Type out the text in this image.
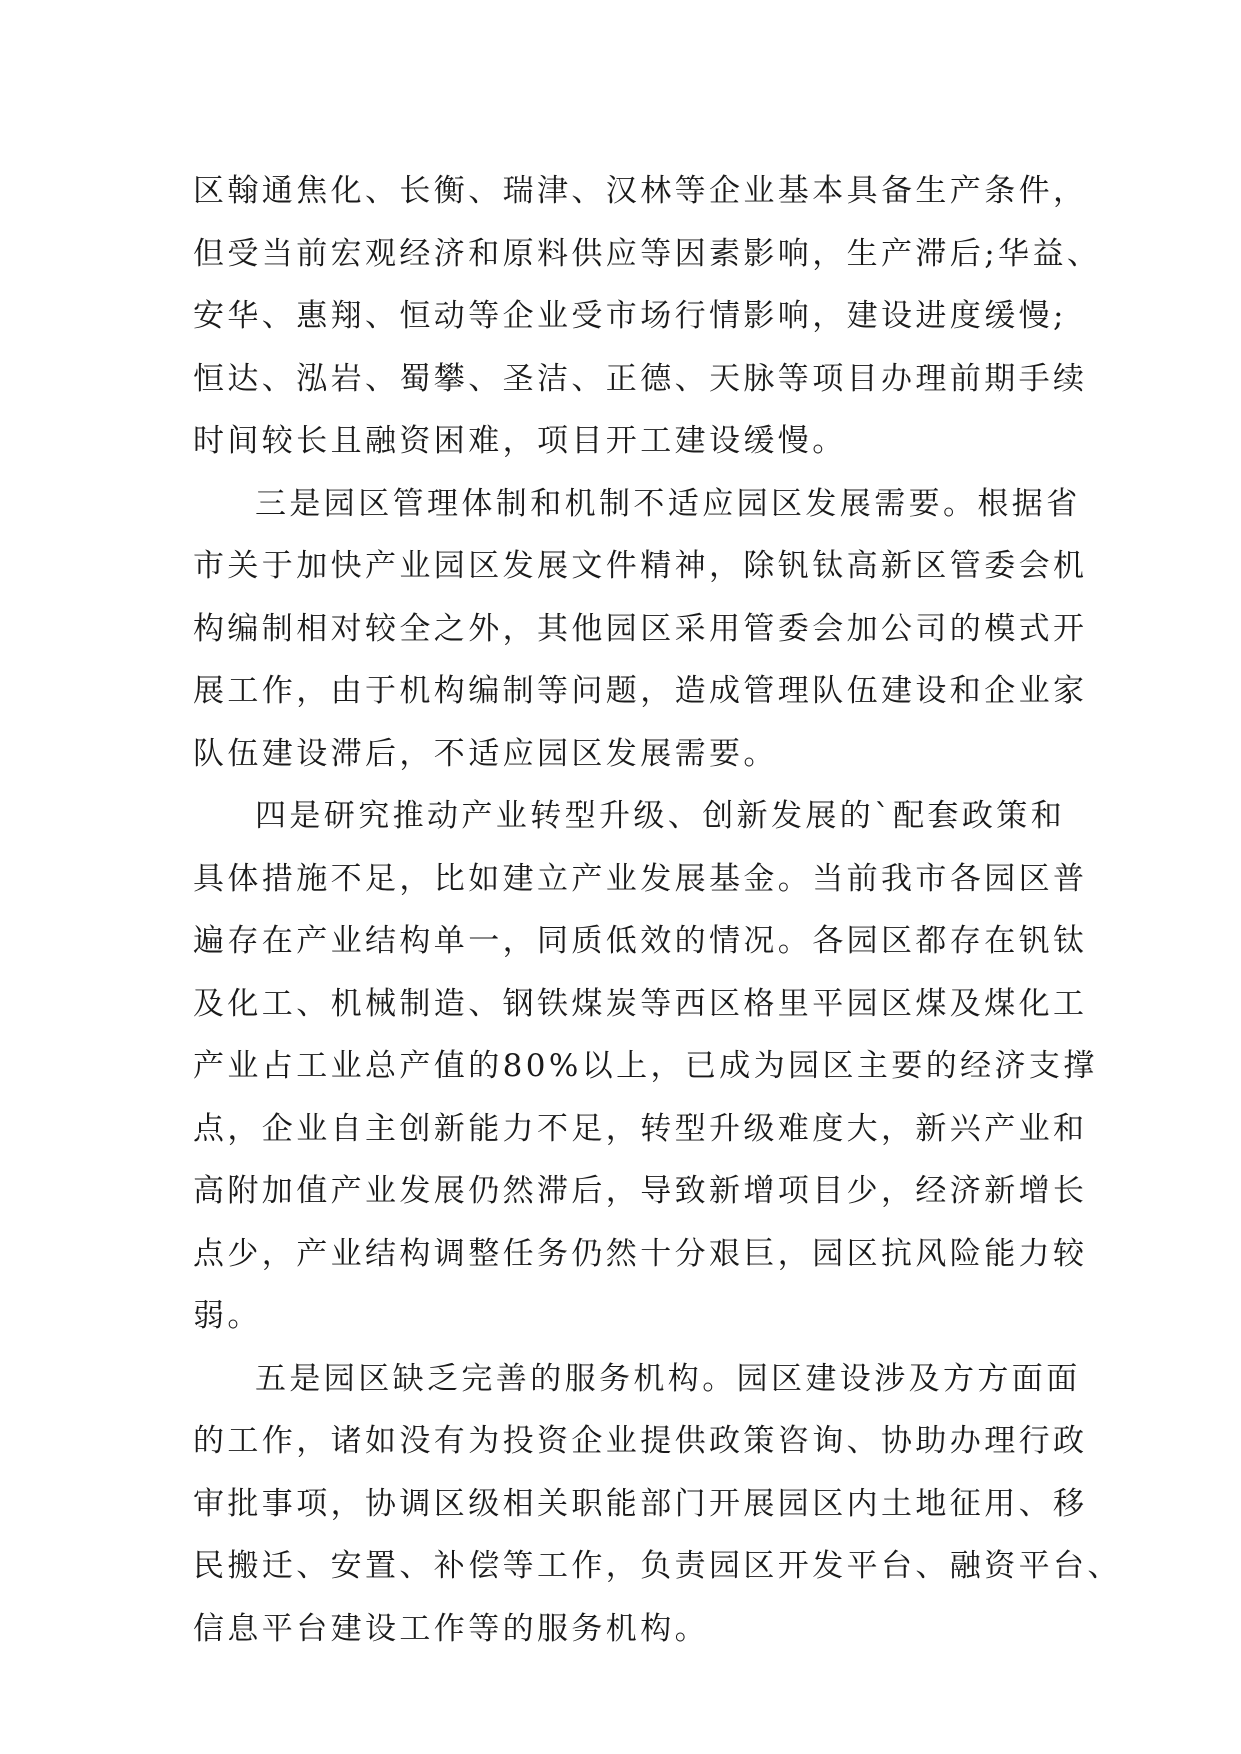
区翰通焦化、长衡、瑞津、汉林等企业基本具备生产条件，
但受当前宏观经济和原料供应等因素影响，生产滞后;华益、
安华、惠翔、恒动等企业受市场行情影响，建设进度缓慢;
恒达、泓岩、蜀攀、圣洁、正德、天脉等项目办理前期手续
时间较长且融资困难，项目开工建设缓慢。
三是园区管理体制和机制不适应园区发展需要。根据省
市关于加快产业园区发展文件精神，除钒钛高新区管委会机
构编制相对较全之外，其他园区采用管委会加公司的模式开
展工作，由于机构编制等问题，造成管理队伍建设和企业家
队伍建设滞后，不适应园区发展需要。
四是研究推动产业转型升级、创新发展的`配套政策和
具体措施不足，比如建立产业发展基金。当前我市各园区普
遍存在产业结构单一，同质低效的情况。各园区都存在钒钛
及化工、机械制造、钢铁煤炭等西区格里平园区煤及煤化工
产业占工业总产值的80%以上，已成为园区主要的经济支撑
点，企业自主创新能力不足，转型升级难度大，新兴产业和
高附加值产业发展仍然滞后，导致新增项目少，经济新增长
点少，产业结构调整任务仍然十分艰巨，园区抗风险能力较
弱。
五是园区缺乏完善的服务机构。园区建设涉及方方面面
的工作，诸如没有为投资企业提供政策咨询、协助办理行政
审批事项，协调区级相关职能部门开展园区内土地征用、移
民搬迁、安置、补偿等工作，负责园区开发平台、融资平台、
信息平台建设工作等的服务机构。
